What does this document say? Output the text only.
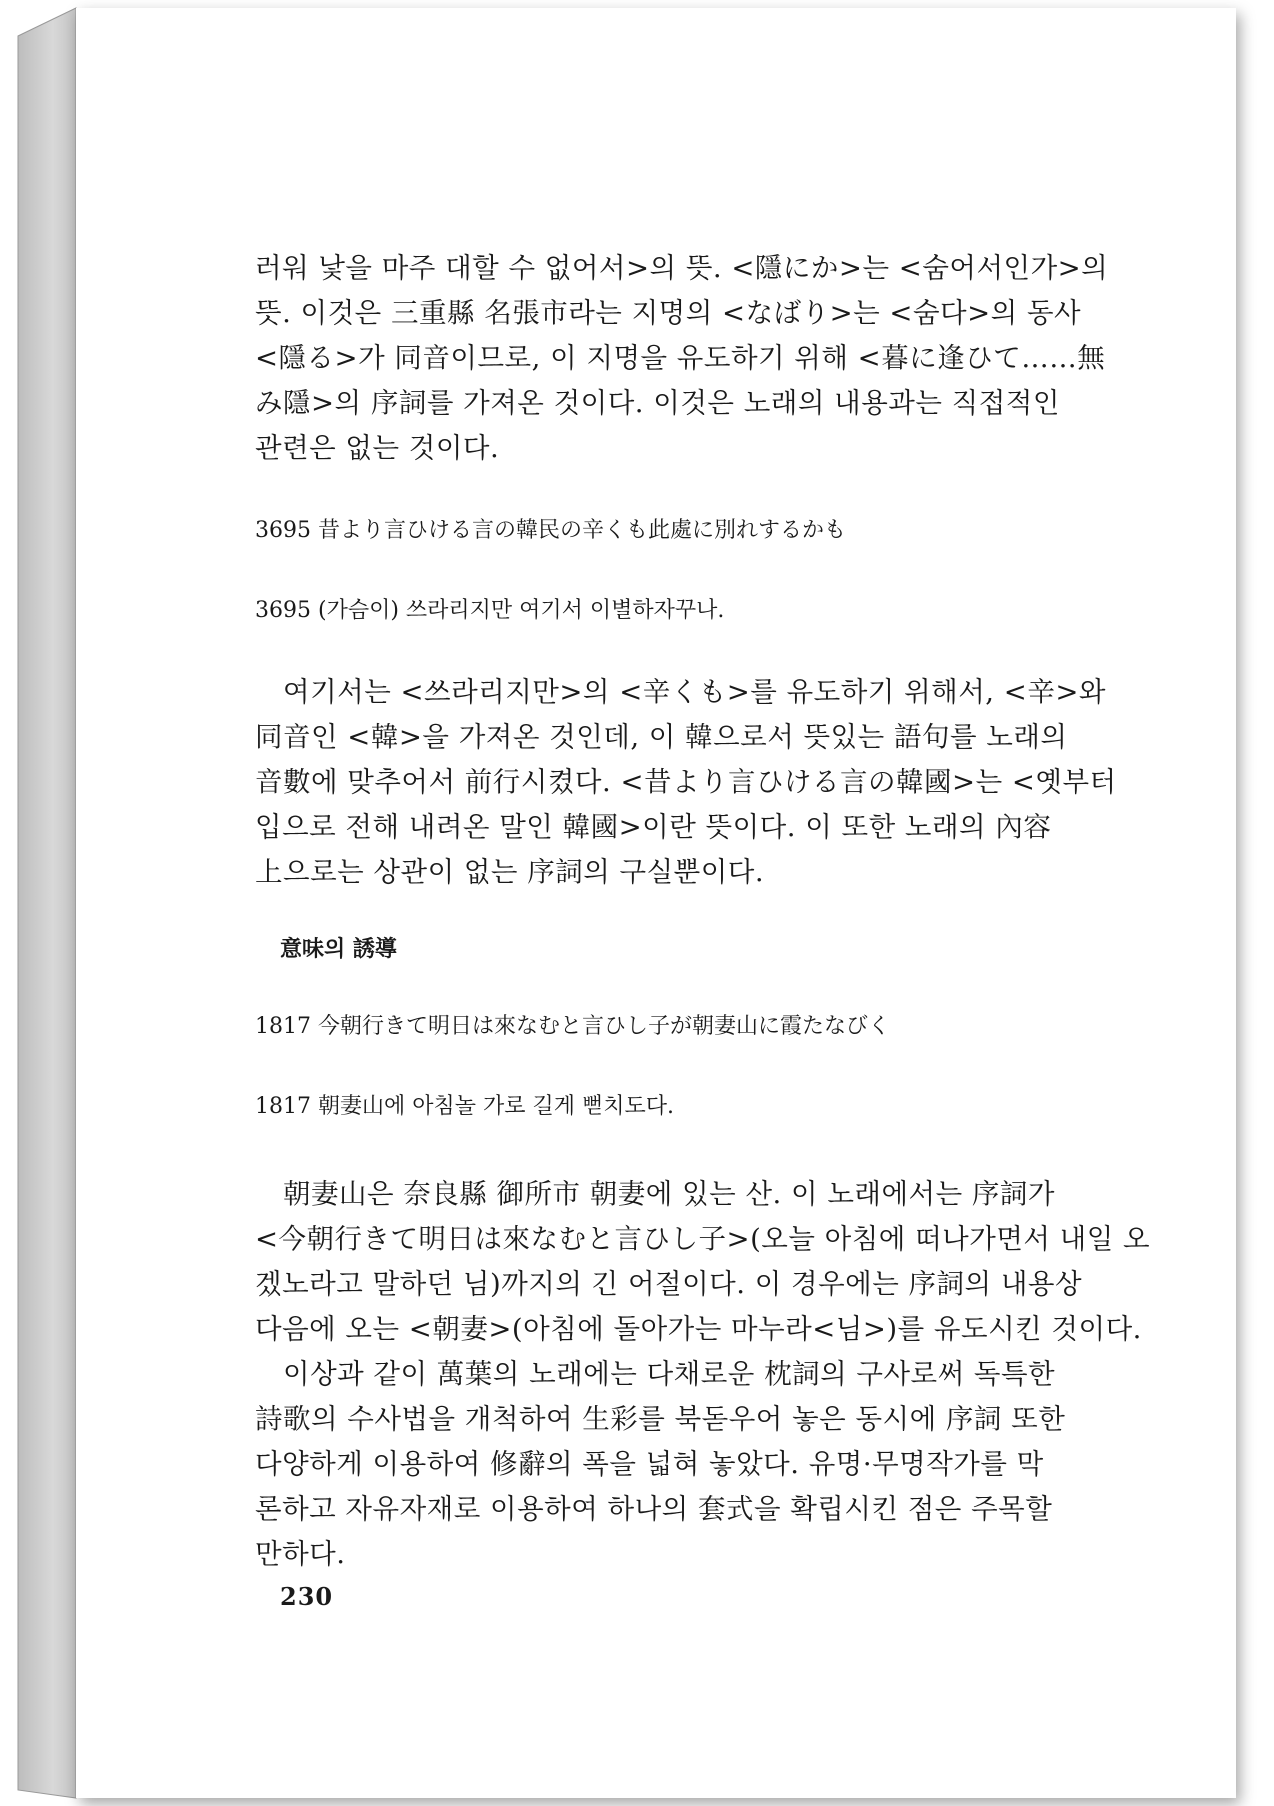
러워 낯을 마주 대할 수 없어서>의 뜻. <隱にか>는 <숨어서인가>의
뜻. 이것은 三重縣 名張市라는 지명의 <なばり>는 <숨다>의 동사
<隱る>가 同音이므로, 이 지명을 유도하기 위해 <暮に逢ひて……無
み隱>의 序詞를 가져온 것이다. 이것은 노래의 내용과는 직접적인
관련은 없는 것이다.
3695 昔より言ひける言の韓民の辛くも此處に別れするかも
3695 (가슴이) 쓰라리지만 여기서 이별하자꾸나.
여기서는 <쓰라리지만>의 <辛くも>를 유도하기 위해서, <辛>와
同音인 <韓>을 가져온 것인데, 이 韓으로서 뜻있는 語句를 노래의
音數에 맞추어서 前行시켰다. <昔より言ひける言の韓國>는 <옛부터
입으로 전해 내려온 말인 韓國>이란 뜻이다. 이 또한 노래의 內容
上으로는 상관이 없는 序詞의 구실뿐이다.
意味의 誘導
1817 今朝行きて明日は來なむと言ひし子が朝妻山に霞たなびく
1817 朝妻山에 아침놀 가로 길게 뻗치도다.
朝妻山은 奈良縣 御所市 朝妻에 있는 산. 이 노래에서는 序詞가
<今朝行きて明日は來なむと言ひし子>(오늘 아침에 떠나가면서 내일 오
겠노라고 말하던 님)까지의 긴 어절이다. 이 경우에는 序詞의 내용상
다음에 오는 <朝妻>(아침에 돌아가는 마누라<님>)를 유도시킨 것이다.
이상과 같이 萬葉의 노래에는 다채로운 枕詞의 구사로써 독특한
詩歌의 수사법을 개척하여 生彩를 북돋우어 놓은 동시에 序詞 또한
다양하게 이용하여 修辭의 폭을 넓혀 놓았다. 유명·무명작가를 막
론하고 자유자재로 이용하여 하나의 套式을 확립시킨 점은 주목할
만하다.
230
